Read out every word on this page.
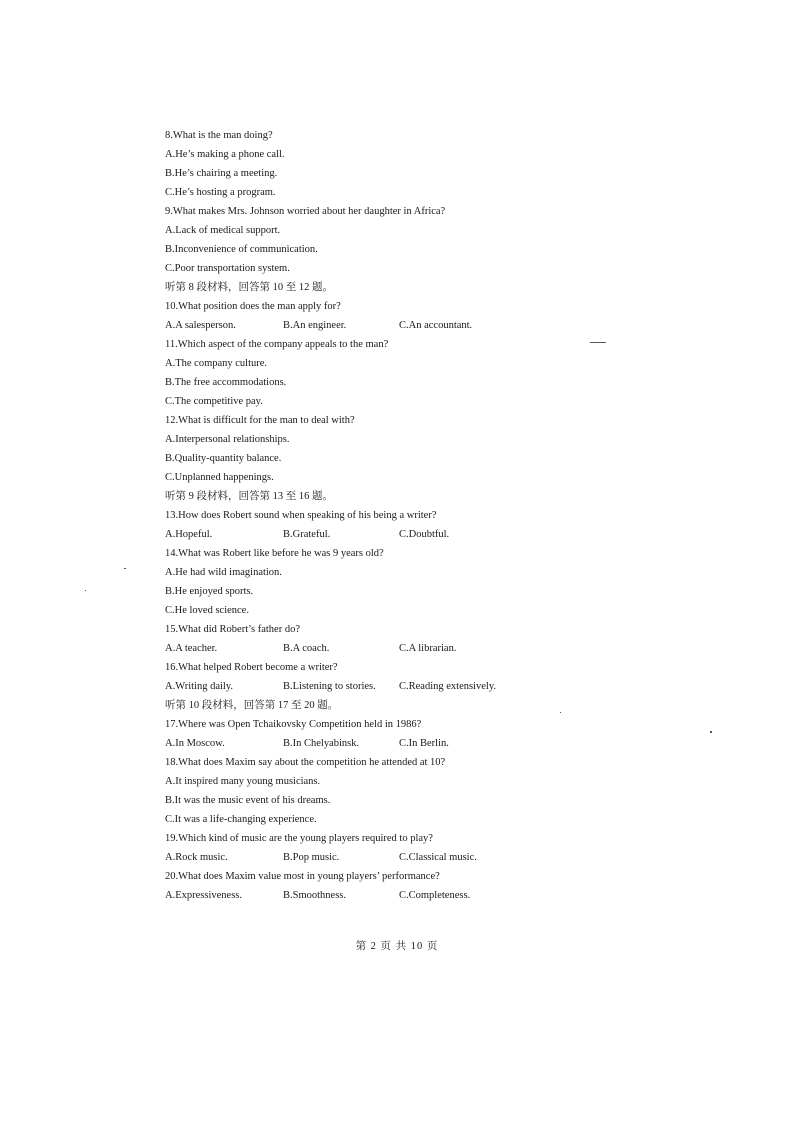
8.What is the man doing?
A.He’s making a phone call.
B.He’s chairing a meeting.
C.He’s hosting a program.
9.What makes Mrs. Johnson worried about her daughter in Africa?
A.Lack of medical support.
B.Inconvenience of communication.
C.Poor transportation system.
听第 8 段材料，回答第 10 至 12 题。
10.What position does the man apply for?
A.A salesperson.	B.An engineer.	C.An accountant.
11.Which aspect of the company appeals to the man?
A.The company culture.
B.The free accommodations.
C.The competitive pay.
12.What is difficult for the man to deal with?
A.Interpersonal relationships.
B.Quality-quantity balance.
C.Unplanned happenings.
听第 9 段材料，回答第 13 至 16 题。
13.How does Robert sound when speaking of his being a writer?
A.Hopeful.	B.Grateful.	C.Doubtful.
14.What was Robert like before he was 9 years old?
A.He had wild imagination.
B.He enjoyed sports.
C.He loved science.
15.What did Robert’s father do?
A.A teacher.	B.A coach.	C.A librarian.
16.What helped Robert become a writer?
A.Writing daily.	B.Listening to stories. C.Reading extensively.
听第 10 段材料，回答第 17 至 20 题。
17.Where was Open Tchaikovsky Competition held in 1986?
A.In Moscow.	B.In Chelyabinsk.	C.In Berlin.
18.What does Maxim say about the competition he attended at 10?
A.It inspired many young musicians.
B.It was the music event of his dreams.
C.It was a life-changing experience.
19.Which kind of music are the young players required to play?
A.Rock music.	B.Pop music.	C.Classical music.
20.What does Maxim value most in young players’ performance?
A.Expressiveness.	B.Smoothness.	C.Completeness.
第 2 页 共 10 页
